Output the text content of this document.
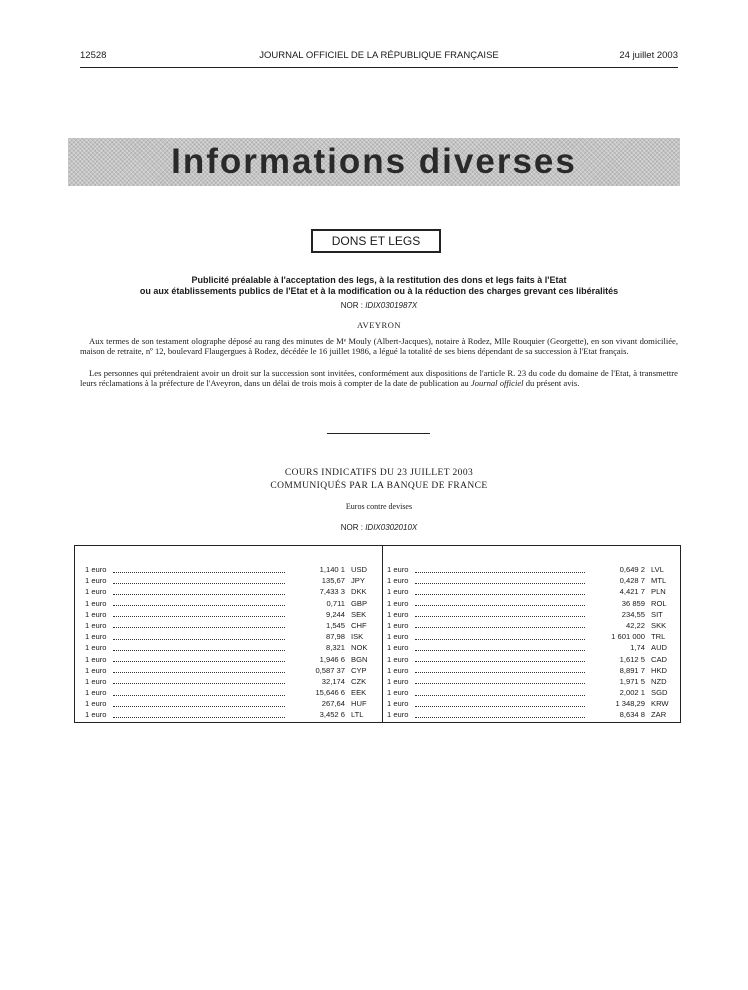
12528	JOURNAL OFFICIEL DE LA RÉPUBLIQUE FRANÇAISE	24 juillet 2003
Informations diverses
DONS ET LEGS
Publicité préalable à l'acceptation des legs, à la restitution des dons et legs faits à l'Etat
ou aux établissements publics de l'Etat et à la modification ou à la réduction des charges grevant ces libéralités
NOR : IDIX0301987X
AVEYRON

Aux termes de son testament olographe déposé au rang des minutes de Mᵉ Mouly (Albert-Jacques), notaire à Rodez, Mlle Rouquier (Georgette), en son vivant domiciliée, maison de retraite, nº 12, boulevard Flaugergues à Rodez, décédée le 16 juillet 1986, a légué la totalité de ses biens dépendant de sa succession à l'Etat français.

Les personnes qui prétendraient avoir un droit sur la succession sont invitées, conformément aux dispositions de l'article R. 23 du code du domaine de l'Etat, à transmettre leurs réclamations à la préfecture de l'Aveyron, dans un délai de trois mois à compter de la date de publication au Journal officiel du présent avis.

COURS INDICATIFS DU 23 JUILLET 2003
COMMUNIQUÉS PAR LA BANQUE DE FRANCE
Euros contre devises
NOR : IDIX0302010X
1 euro	1,140 1 USD
1 euro	135,67 JPY
1 euro	7,433 3 DKK
1 euro	0,711 GBP
1 euro	9,244 SEK
1 euro	1,545 CHF
1 euro	87,98 ISK
1 euro	8,321 NOK
1 euro	1,946 6 BGN
1 euro	0,587 37 CYP
1 euro	32,174 CZK
1 euro	15,646 6 EEK
1 euro	267,64 HUF
1 euro	3,452 6 LTL
1 euro	0,649 2 LVL
1 euro	0,428 7 MTL
1 euro	4,421 7 PLN
1 euro	36 859 ROL
1 euro	234,55 SIT
1 euro	42,22 SKK
1 euro	1 601 000 TRL
1 euro	1,74 AUD
1 euro	1,612 5 CAD
1 euro	8,891 7 HKD
1 euro	1,971 5 NZD
1 euro	2,002 1 SGD
1 euro	1 348,29 KRW
1 euro	8,634 8 ZAR
